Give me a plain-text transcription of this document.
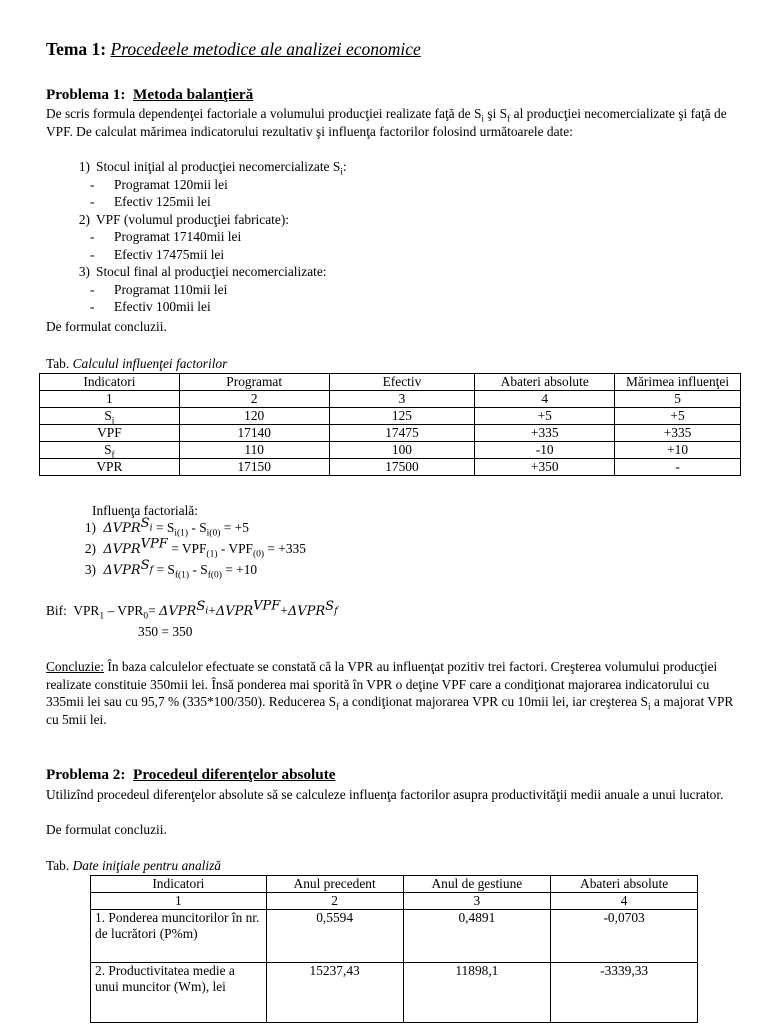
Tema 1: Procedeele metodice ale analizei economice
Problema 1: Metoda balanţieră
De scris formula dependenţei factoriale a volumului producţiei realizate faţă de $S_i$ şi $S_f$ al producţiei necomercializate şi faţă de VPF. De calculat mărimea indicatorului rezultativ şi influenţa factorilor folosind următoarele date:
1) Stocul iniţial al producţiei necomercializate $S_i$:
- Programat 120mii lei
- Efectiv 125mii lei
2) VPF (volumul producţiei fabricate):
- Programat 17140mii lei
- Efectiv 17475mii lei
3) Stocul final al producţiei necomercializate:
- Programat 110mii lei
- Efectiv 100mii lei
De formulat concluzii.
Tab. Calculul influenţei factorilor
Indicatori	Programat	Efectiv	Abateri absolute	Mărimea influenţei
1	2	3	4	5
$S_i$	120	125	+5	+5
VPF	17140	17475	+335	+335
$S_f$	110	100	-10	+10
VPR	17150	17500	+350	-
Influenţa factorială:
1) $\Delta VPR^{S_i} = S_{i(1)} - S_{i(0)} = +5$
2) $\Delta VPR^{VPF} = VPF_{(1)} - VPF_{(0)} = +335$
3) $\Delta VPR^{S_f} = S_{f(1)} - S_{f(0)} = +10$
Bif: $VPR_1 - VPR_0= \Delta VPR^{S_i}+\Delta VPR^{VPF}+\Delta VPR^{S_f}$
350 = 350
Concluzie: În baza calculelor efectuate se constată că la VPR au influenţat pozitiv trei factori. Creşterea volumului producţiei realizate constituie 350mii lei. Însă ponderea mai sporită în VPR o deţine VPF care a condiţionat majorarea indicatorului cu 335mii lei sau cu 95,7 % (335*100/350). Reducerea $S_f$ a condiţionat majorarea VPR cu 10mii lei, iar creşterea $S_i$ a majorat VPR cu 5mii lei.
Problema 2: Procedeul diferenţelor absolute
Utilizînd procedeul diferenţelor absolute să se calculeze influenţa factorilor asupra productivităţii medii anuale a unui lucrator.
De formulat concluzii.
Tab. Date iniţiale pentru analiză
Indicatori	Anul precedent	Anul de gestiune	Abateri absolute
1	2	3	4
1. Ponderea muncitorilor în nr. de lucrători (P%m)	0,5594	0,4891	-0,0703
2. Productivitatea medie a unui muncitor (Wm), lei	15237,43	11898,1	-3339,33
